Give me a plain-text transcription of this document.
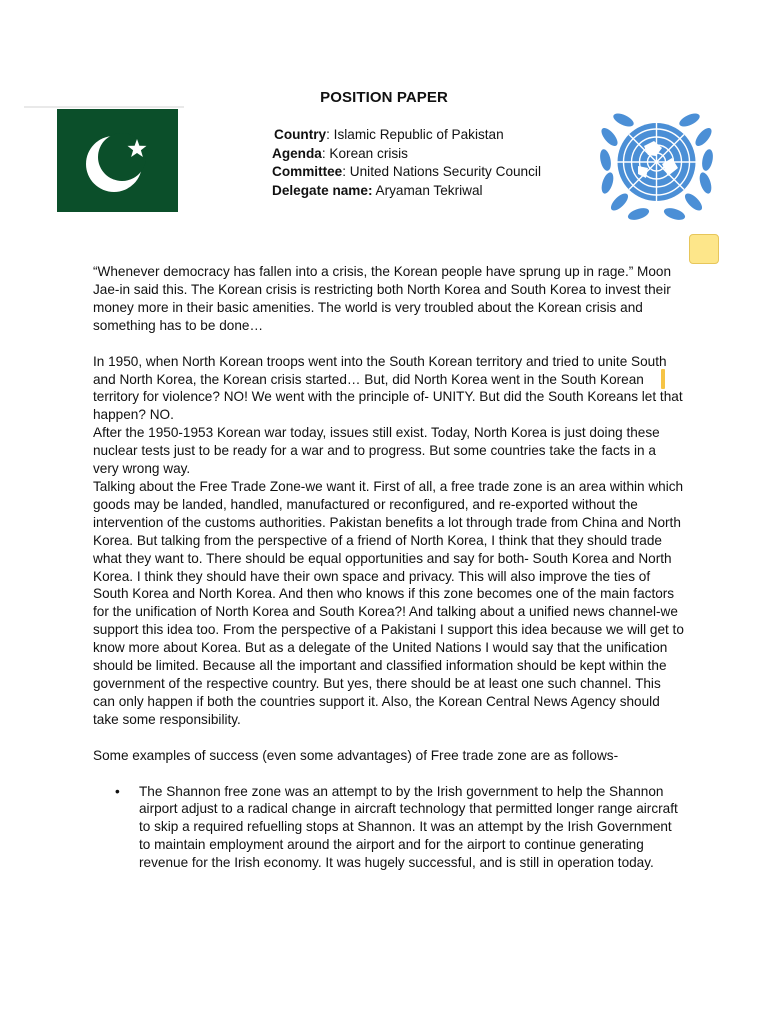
POSITION PAPER
Country: Islamic Republic of Pakistan
Agenda: Korean crisis
Committee: United Nations Security Council
Delegate name: Aryaman Tekriwal

“Whenever democracy has fallen into a crisis, the Korean people have sprung up in rage.” Moon Jae-in said this. The Korean crisis is restricting both North Korea and South Korea to invest their money more in their basic amenities. The world is very troubled about the Korean crisis and something has to be done…

In 1950, when North Korean troops went into the South Korean territory and tried to unite South and North Korea, the Korean crisis started… But, did North Korea went in the South Korean territory for violence? NO! We went with the principle of- UNITY. But did the South Koreans let that happen? NO.

After the 1950-1953 Korean war today, issues still exist. Today, North Korea is just doing these nuclear tests just to be ready for a war and to progress. But some countries take the facts in a very wrong way.

Talking about the Free Trade Zone-we want it. First of all, a free trade zone is an area within which goods may be landed, handled, manufactured or reconfigured, and re-exported without the intervention of the customs authorities. Pakistan benefits a lot through trade from China and North Korea. But talking from the perspective of a friend of North Korea, I think that they should trade what they want to. There should be equal opportunities and say for both- South Korea and North Korea. I think they should have their own space and privacy. This will also improve the ties of South Korea and North Korea. And then who knows if this zone becomes one of the main factors for the unification of North Korea and South Korea?! And talking about a unified news channel-we support this idea too. From the perspective of a Pakistani I support this idea because we will get to know more about Korea. But as a delegate of the United Nations I would say that the unification should be limited. Because all the important and classified information should be kept within the government of the respective country. But yes, there should be at least one such channel. This can only happen if both the countries support it. Also, the Korean Central News Agency should take some responsibility.

Some examples of success (even some advantages) of Free trade zone are as follows-

• The Shannon free zone was an attempt to by the Irish government to help the Shannon airport adjust to a radical change in aircraft technology that permitted longer range aircraft to skip a required refuelling stops at Shannon. It was an attempt by the Irish Government to maintain employment around the airport and for the airport to continue generating revenue for the Irish economy. It was hugely successful, and is still in operation today.
